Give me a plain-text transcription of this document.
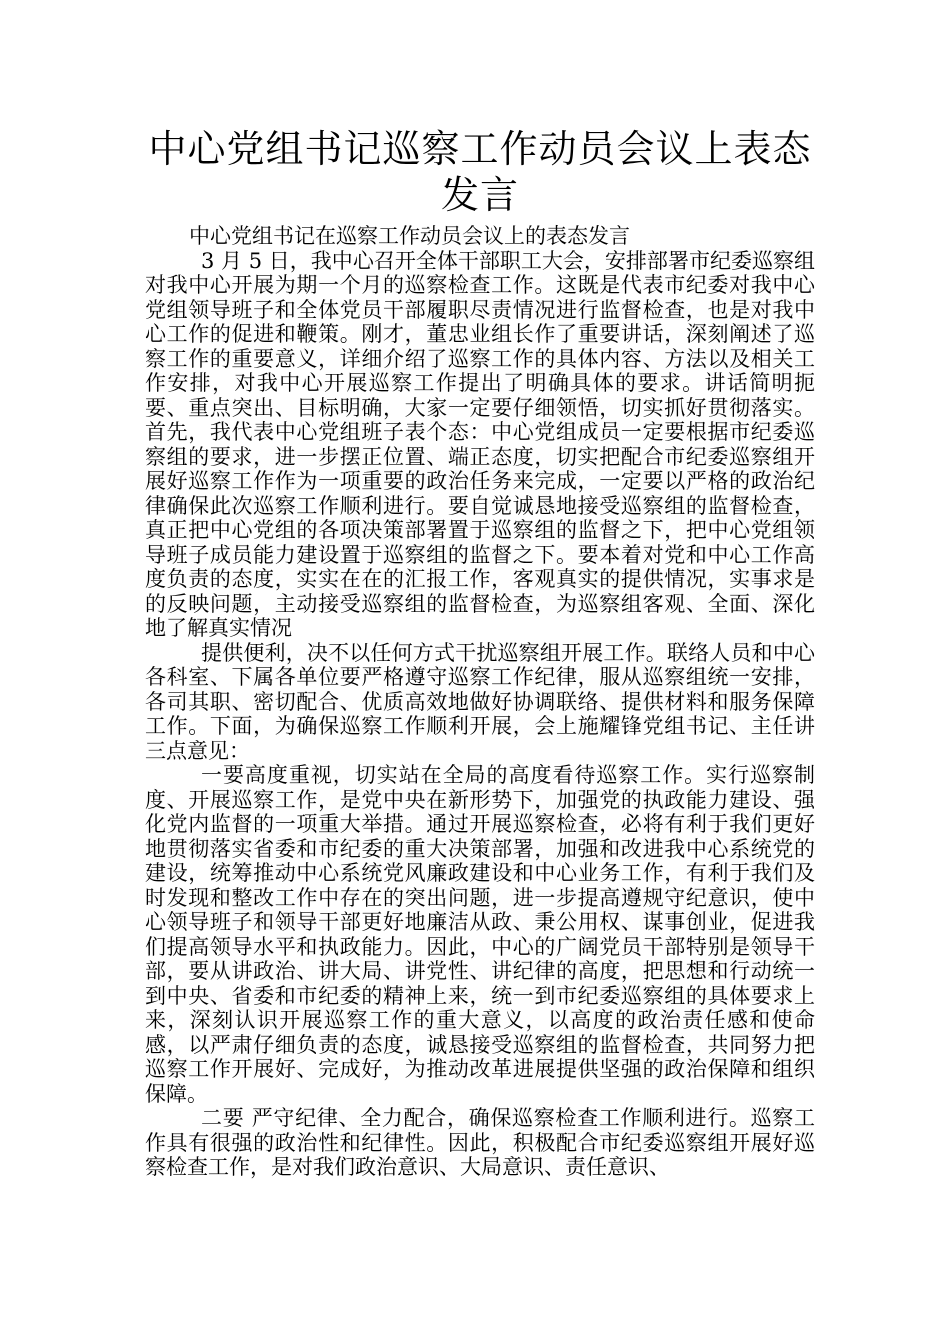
中心党组书记巡察工作动员会议上表态发言

中心党组书记在巡察工作动员会议上的表态发言

3 月 5 日，我中心召开全体干部职工大会，安排部署市纪委巡察组对我中心开展为期一个月的巡察检查工作。这既是代表市纪委对我中心党组领导班子和全体党员干部履职尽责情况进行监督检查，也是对我中心工作的促进和鞭策。刚才，董忠业组长作了重要讲话，深刻阐述了巡察工作的重要意义，详细介绍了巡察工作的具体内容、方法以及相关工作安排，对我中心开展巡察工作提出了明确具体的要求。讲话简明扼要、重点突出、目标明确，大家一定要仔细领悟，切实抓好贯彻落实。首先，我代表中心党组班子表个态：中心党组成员一定要根据市纪委巡察组的要求，进一步摆正位置、端正态度，切实把配合市纪委巡察组开展好巡察工作作为一项重要的政治任务来完成，一定要以严格的政治纪律确保此次巡察工作顺利进行。要自觉诚恳地接受巡察组的监督检查，真正把中心党组的各项决策部署置于巡察组的监督之下，把中心党组领导班子成员能力建设置于巡察组的监督之下。要本着对党和中心工作高度负责的态度，实实在在的汇报工作，客观真实的提供情况，实事求是的反映问题，主动接受巡察组的监督检查，为巡察组客观、全面、深化地了解真实情况

提供便利，决不以任何方式干扰巡察组开展工作。联络人员和中心各科室、下属各单位要严格遵守巡察工作纪律，服从巡察组统一安排，各司其职、密切配合、优质高效地做好协调联络、提供材料和服务保障工作。下面，为确保巡察工作顺利开展，会上施耀锋党组书记、主任讲三点意见：

一要高度重视，切实站在全局的高度看待巡察工作。实行巡察制度、开展巡察工作，是党中央在新形势下，加强党的执政能力建设、强化党内监督的一项重大举措。通过开展巡察检查，必将有利于我们更好地贯彻落实省委和市纪委的重大决策部署，加强和改进我中心系统党的建设，统筹推动中心系统党风廉政建设和中心业务工作，有利于我们及时发现和整改工作中存在的突出问题，进一步提高遵规守纪意识，使中心领导班子和领导干部更好地廉洁从政、秉公用权、谋事创业，促进我们提高领导水平和执政能力。因此，中心的广阔党员干部特别是领导干部，要从讲政治、讲大局、讲党性、讲纪律的高度，把思想和行动统一到中央、省委和市纪委的精神上来，统一到市纪委巡察组的具体要求上来，深刻认识开展巡察工作的重大意义，以高度的政治责任感和使命感，以严肃仔细负责的态度，诚恳接受巡察组的监督检查，共同努力把巡察工作开展好、完成好，为推动改革进展提供坚强的政治保障和组织保障。

二要 严守纪律、全力配合，确保巡察检查工作顺利进行。巡察工作具有很强的政治性和纪律性。因此，积极配合市纪委巡察组开展好巡察检查工作，是对我们政治意识、大局意识、责任意识、
